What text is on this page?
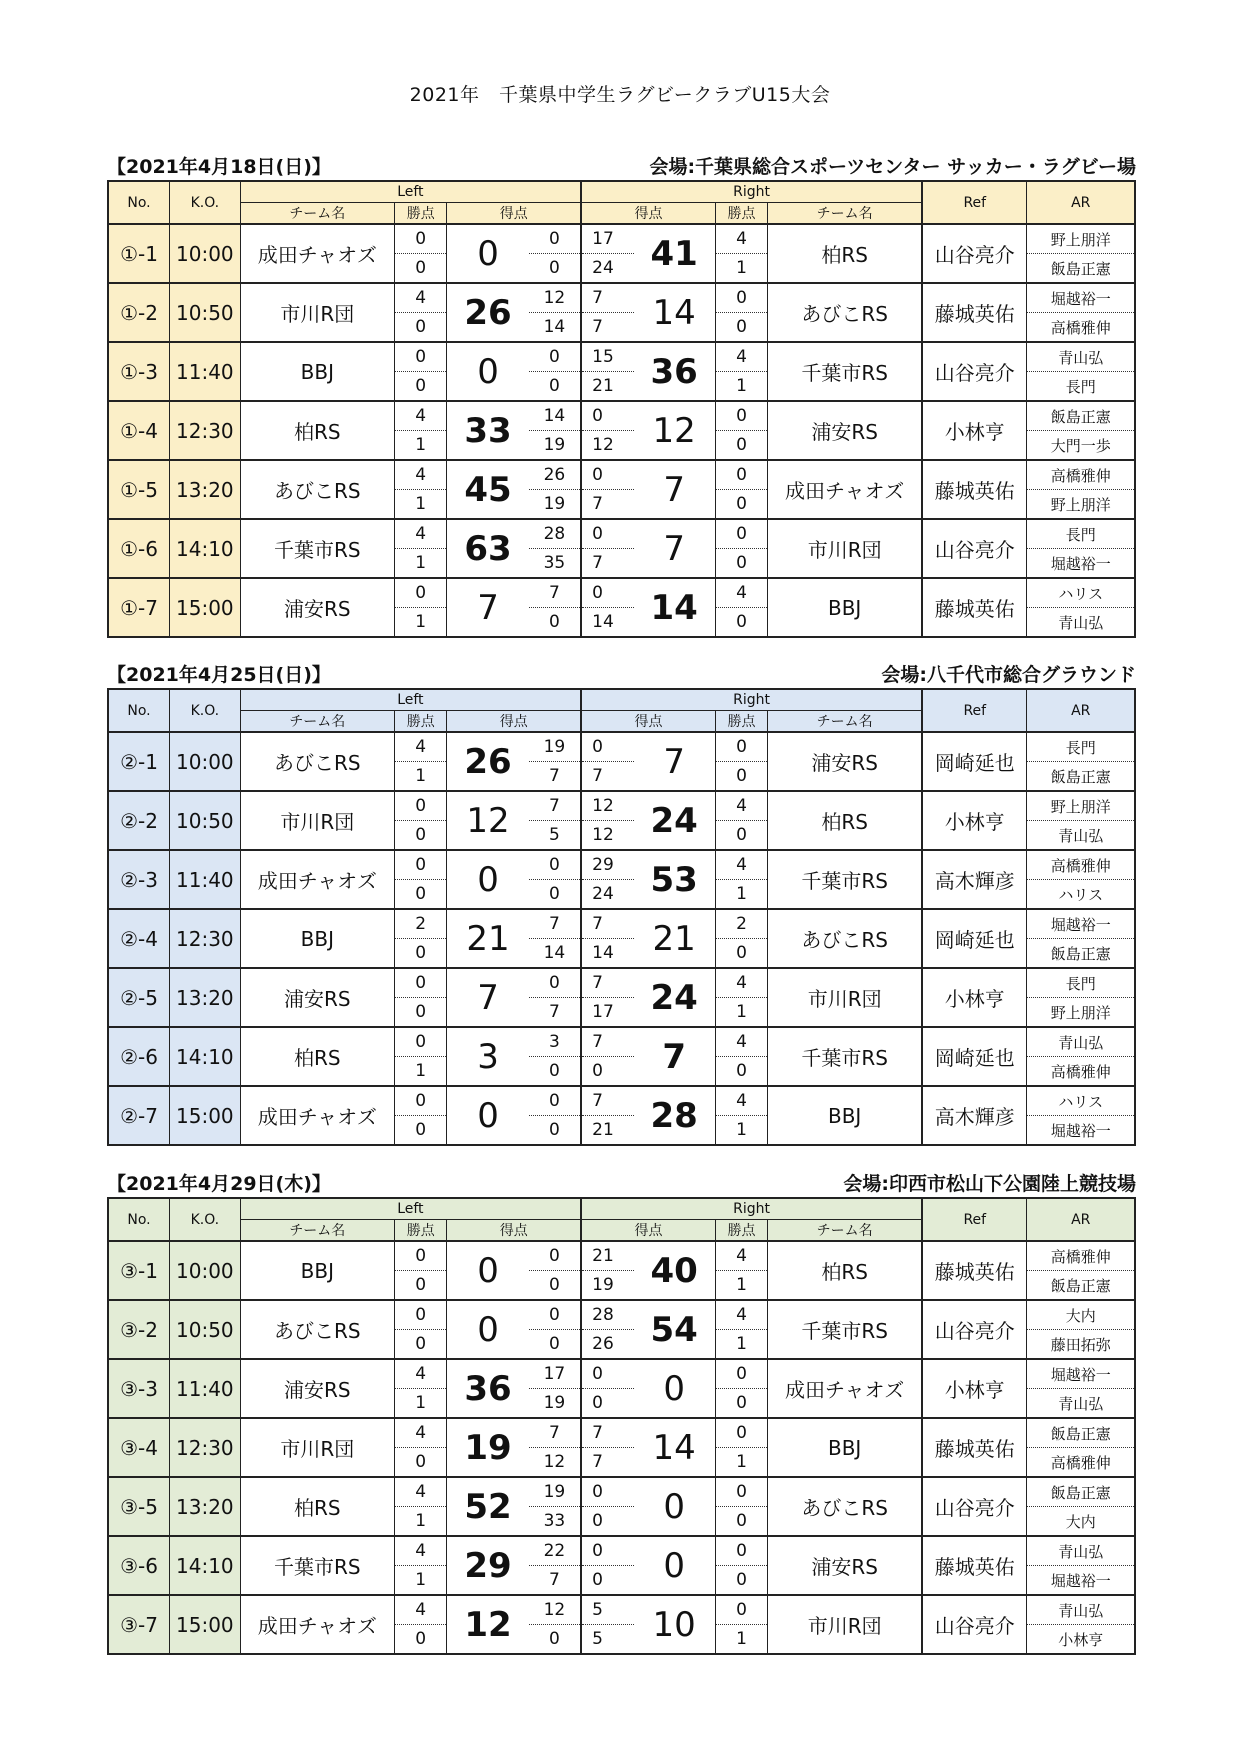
2021年　千葉県中学生ラグビークラブU15大会
【2021年4月18日(日)】	会場:千葉県総合スポーツセンター サッカー・ラグビー場
No.	K.O.	Left				Right				Ref	AR
		チーム名	勝点	得点		得点		勝点	チーム名		
①-1	10:00	成田チャオズ	0	0	0	17	41	4	柏RS	山谷亮介	野上朋洋
			0		0	24		1			飯島正憲
①-2	10:50	市川R団	4	26	12	7	14	0	あびこRS	藤城英佑	堀越裕一
			0		14	7		0			高橋雅伸
①-3	11:40	BBJ	0	0	0	15	36	4	千葉市RS	山谷亮介	青山弘
			0		0	21		1			長門
①-4	12:30	柏RS	4	33	14	0	12	0	浦安RS	小林亨	飯島正憲
			1		19	12		0			大門一歩
①-5	13:20	あびこRS	4	45	26	0	7	0	成田チャオズ	藤城英佑	高橋雅伸
			1		19	7		0			野上朋洋
①-6	14:10	千葉市RS	4	63	28	0	7	0	市川R団	山谷亮介	長門
			1		35	7		0			堀越裕一
①-7	15:00	浦安RS	0	7	7	0	14	4	BBJ	藤城英佑	ハリス
			1		0	14		0			青山弘
【2021年4月25日(日)】	会場:八千代市総合グラウンド
No.	K.O.	Left				Right				Ref	AR
		チーム名	勝点	得点		得点		勝点	チーム名		
②-1	10:00	あびこRS	4	26	19	0	7	0	浦安RS	岡崎延也	長門
			1		7	7		0			飯島正憲
②-2	10:50	市川R団	0	12	7	12	24	4	柏RS	小林亨	野上朋洋
			0		5	12		0			青山弘
②-3	11:40	成田チャオズ	0	0	0	29	53	4	千葉市RS	高木輝彦	高橋雅伸
			0		0	24		1			ハリス
②-4	12:30	BBJ	2	21	7	7	21	2	あびこRS	岡崎延也	堀越裕一
			0		14	14		0			飯島正憲
②-5	13:20	浦安RS	0	7	0	7	24	4	市川R団	小林亨	長門
			0		7	17		1			野上朋洋
②-6	14:10	柏RS	0	3	3	7	7	4	千葉市RS	岡崎延也	青山弘
			1		0	0		0			高橋雅伸
②-7	15:00	成田チャオズ	0	0	0	7	28	4	BBJ	高木輝彦	ハリス
			0		0	21		1			堀越裕一
【2021年4月29日(木)】	会場:印西市松山下公園陸上競技場
No.	K.O.	Left				Right				Ref	AR
		チーム名	勝点	得点		得点		勝点	チーム名		
③-1	10:00	BBJ	0	0	0	21	40	4	柏RS	藤城英佑	高橋雅伸
			0		0	19		1			飯島正憲
③-2	10:50	あびこRS	0	0	0	28	54	4	千葉市RS	山谷亮介	大内
			0		0	26		1			藤田拓弥
③-3	11:40	浦安RS	4	36	17	0	0	0	成田チャオズ	小林亨	堀越裕一
			1		19	0		0			青山弘
③-4	12:30	市川R団	4	19	7	7	14	0	BBJ	藤城英佑	飯島正憲
			0		12	7		1			高橋雅伸
③-5	13:20	柏RS	4	52	19	0	0	0	あびこRS	山谷亮介	飯島正憲
			1		33	0		0			大内
③-6	14:10	千葉市RS	4	29	22	0	0	0	浦安RS	藤城英佑	青山弘
			1		7	0		0			堀越裕一
③-7	15:00	成田チャオズ	4	12	12	5	10	0	市川R団	山谷亮介	青山弘
			0		0	5		1			小林亨
